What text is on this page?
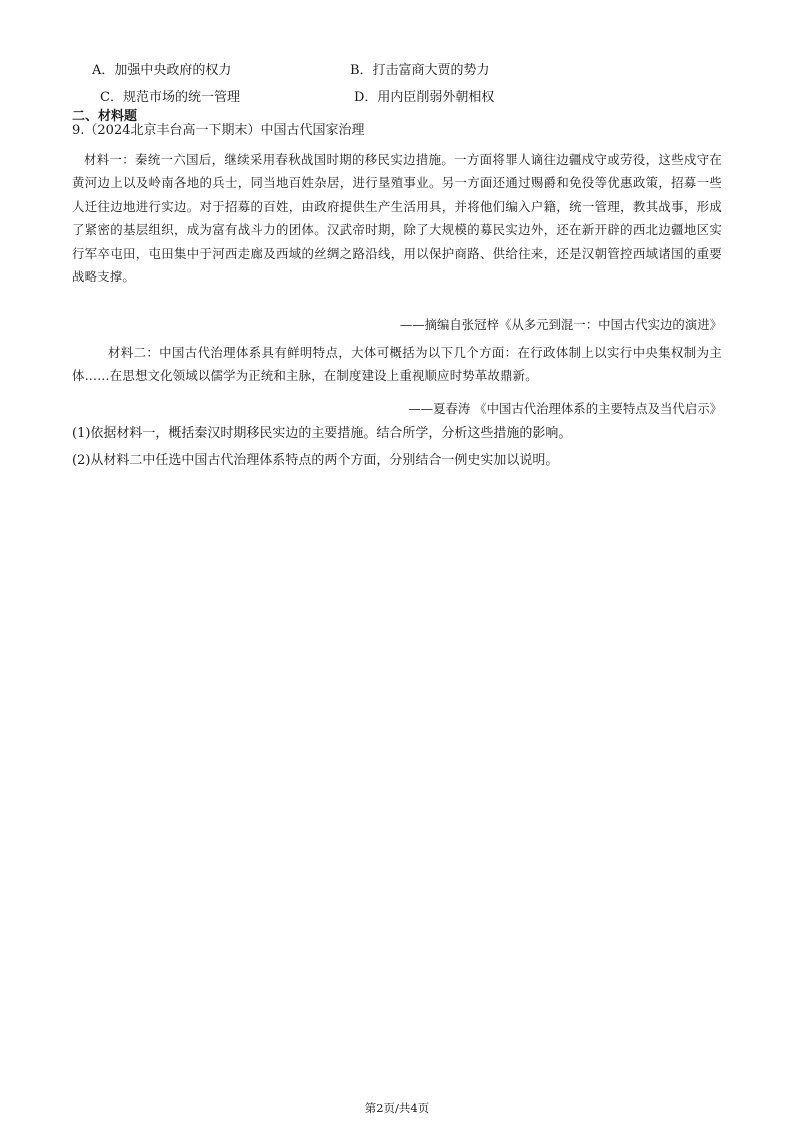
A．加强中央政府的权力	B．打击富商大贾的势力
C．规范市场的统一管理	D．用内臣削弱外朝相权
二、材料题
9.（2024北京丰台高一下期末）中国古代国家治理
材料一：秦统一六国后，继续采用春秋战国时期的移民实边措施。一方面将罪人谪往边疆戍守或劳役，这些戍守在黄河边上以及岭南各地的兵士，同当地百姓杂居，进行垦殖事业。另一方面还通过赐爵和免役等优惠政策，招募一些人迁往边地进行实边。对于招募的百姓，由政府提供生产生活用具，并将他们编入户籍，统一管理，教其战事，形成了紧密的基层组织，成为富有战斗力的团体。汉武帝时期，除了大规模的募民实边外，还在新开辟的西北边疆地区实行军卒屯田，屯田集中于河西走廊及西域的丝绸之路沿线，用以保护商路、供给往来，还是汉朝管控西域诸国的重要战略支撑。
——摘编自张冠梓《从多元到混一：中国古代实边的演进》
材料二：中国古代治理体系具有鲜明特点，大体可概括为以下几个方面：在行政体制上以实行中央集权制为主体……在思想文化领域以儒学为正统和主脉，在制度建设上重视顺应时势革故鼎新。
——夏春涛 《中国古代治理体系的主要特点及当代启示》
(1)依据材料一，概括秦汉时期移民实边的主要措施。结合所学，分析这些措施的影响。
(2)从材料二中任选中国古代治理体系特点的两个方面，分别结合一例史实加以说明。
第2页/共4页
